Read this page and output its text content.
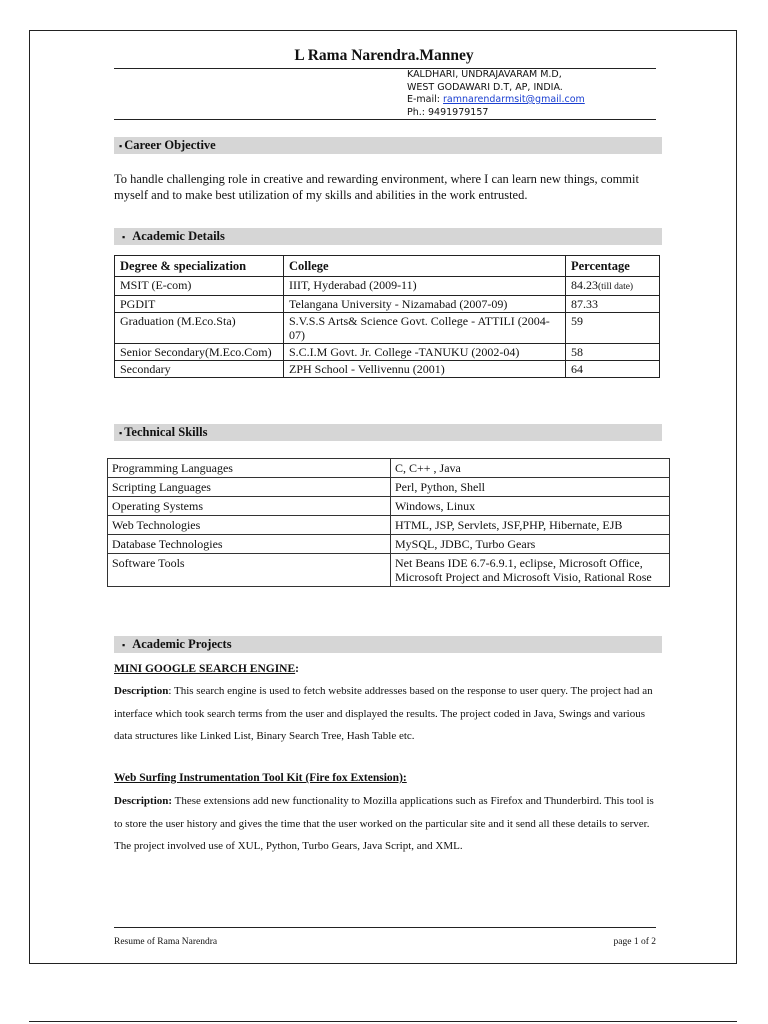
L Rama Narendra.Manney
KALDHARI, UNDRAJAVARAM M.D,
WEST GODAWARI D.T, AP, INDIA.
E-mail: ramnarendarmsit@gmail.com
Ph.: 9491979157
▪ Career Objective
To handle challenging role in creative and rewarding environment, where I can learn new things, commit myself and to make best utilization of my skills and abilities in the work entrusted.
▪ Academic Details
Degree & specialization	College	Percentage
MSIT (E-com)	IIIT, Hyderabad (2009-11)	84.23(till date)
PGDIT	Telangana University - Nizamabad (2007-09)	87.33
Graduation (M.Eco.Sta)	S.V.S.S Arts& Science Govt. College - ATTILI (2004-07)	59
Senior Secondary(M.Eco.Com)	S.C.I.M Govt. Jr. College -TANUKU (2002-04)	58
Secondary	ZPH School - Vellivennu (2001)	64
▪ Technical Skills
Programming Languages	C, C++ , Java
Scripting Languages	Perl, Python, Shell
Operating Systems	Windows, Linux
Web Technologies	HTML, JSP, Servlets, JSF,PHP, Hibernate, EJB
Database Technologies	MySQL, JDBC, Turbo Gears
Software Tools	Net Beans IDE 6.7-6.9.1, eclipse, Microsoft Office, Microsoft Project and Microsoft Visio, Rational Rose
▪ Academic Projects
MINI GOOGLE SEARCH ENGINE:
Description: This search engine is used to fetch website addresses based on the response to user query. The project had an interface which took search terms from the user and displayed the results. The project coded in Java, Swings and various data structures like Linked List, Binary Search Tree, Hash Table etc.
Web Surfing Instrumentation Tool Kit (Fire fox Extension):
Description: These extensions add new functionality to Mozilla applications such as Firefox and Thunderbird. This tool is to store the user history and gives the time that the user worked on the particular site and it send all these details to server. The project involved use of XUL, Python, Turbo Gears, Java Script, and XML.
Resume of Rama Narendra	page 1 of 2
